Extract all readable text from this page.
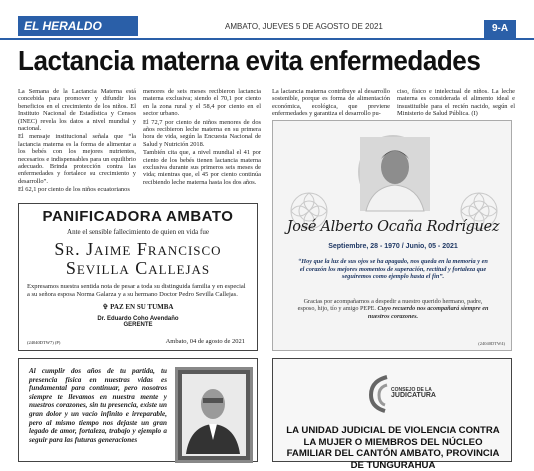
EL HERALDO	AMBATO, JUEVES 5 DE AGOSTO DE 2021	9-A
Lactancia materna evita enfermedades

La Semana de la Lactancia Materna está concebida para promover y difundir los beneficios en el crecimiento de los niños. El Instituto Nacional de Estadística y Censos (INEC) revela los datos a nivel mundial y nacional.

El mensaje institucional señala que “la lactancia materna es la forma de alimentar a los bebés con los mejores nutrientes, necesarios e indispensables para un equilibrio adecuado. Brinda protección contra las enfermedades y fortalece su crecimiento y desarrollo”.

El 62,1 por ciento de los niños ecuatorianos

menores de seis meses recibieron lactancia materna exclusiva; siendo el 70,1 por ciento en la zona rural y el 58,4 por ciento en el sector urbano.

El 72,7 por ciento de niños menores de dos años recibieron leche materna en su primera hora de vida, según la Encuesta Nacional de Salud y Nutrición 2018.

También cita que, a nivel mundial el 41 por ciento de los bebés tienen lactancia materna exclusiva durante sus primeros seis meses de vida; mientras que, el 45 por ciento continúa recibiendo leche materna hasta los dos años.

La lactancia materna contribuye al desarrollo sostenible, porque es forma de alimentación económica, ecológica, que previene enfermedades y garantiza el desarrollo pu-

ciso, físico e intelectual de niños. La leche materna es considerada el alimento ideal e insustituible para el recién nacido, según el Ministerio de Salud Pública. (I)

PANIFICADORA AMBATO
Ante el sensible fallecimiento de quien en vida fue
Sr. Jaime Francisco
Sevilla Callejas
Expresamos nuestra sentida nota de pesar a toda su distinguida familia y en especial a su señora esposa Norma Galarza y a su hermano Doctor Pedro Sevilla Callejas.
✞ PAZ EN SU TUMBA
Dr. Eduardo Coho Avendaño
GERENTE
Ambato, 04 de agosto de 2021
(24040DTW7) (P)
José Alberto Ocaña Rodríguez
Septiembre, 28 - 1970 / Junio, 05 - 2021
“Hoy que la luz de sus ojos se ha apagado, nos queda en la memoria y en el corazón los mejores momentos de superación, rectitud y fortaleza que seguiremos como ejemplo hasta el fin”.
Gracias por acompañarnos a despedir a nuestro querido hermano, padre, esposo, hijo, tío y amigo PEPE. Cuyo recuerdo nos acompañará siempre en nuestros corazones.
(24040DTW4)
Al cumplir dos años de tu partida, tu presencia física en nuestras vidas es fundamental para continuar, pero nosotros siempre te llevamos en nuestra mente y nuestros corazones, sin tu presencia, existe un gran dolor y un vacío infinito e irreparable, pero al mismo tiempo nos dejaste un gran legado de amor, fortaleza, trabajo y ejemplo a seguir para las futuras generaciones
CONSEJO DE LA
JUDICATURA
LA UNIDAD JUDICIAL DE VIOLENCIA CONTRA LA MUJER O MIEMBROS DEL NÚCLEO FAMILIAR DEL CANTÓN AMBATO, PROVINCIA DE TUNGURAHUA
